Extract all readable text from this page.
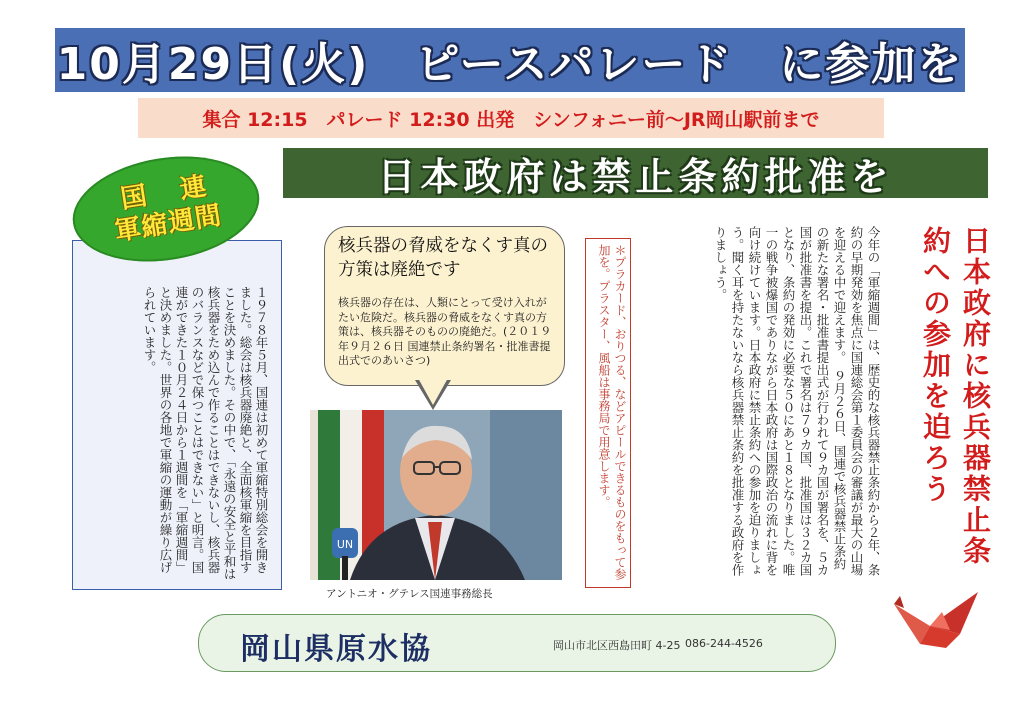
10月29日(火)　ピースパレード　に参加を
集合 12:15　パレード 12:30 出発　シンフォニー前～JR岡山駅前まで
日本政府は禁止条約批准を
１９７８年５月、国連は初めて軍縮特別総会を開きました。総会は核兵器廃絶と、全面核軍縮を目指すことを決めました。その中で、「永遠の安全と平和は核兵器をため込んで作ることはできないし、核兵器のバランスなどで保つことはできない」と明言。国連ができた１０月２４日から１週間を「軍縮週間」と決めました。世界の各地で軍縮の運動が繰り広げられています。
国連
軍縮週間	核兵器の脅威をなくす真の方策は廃絶です
核兵器の存在は、人類にとって受け入れがたい危険だ。核兵器の脅威をなくす真の方策は、核兵器そのものの廃絶だ。(２０１９年９月２６日 国連禁止条約署名・批准書提出式でのあいさつ)
UN
アントニオ・グテレス国連事務総長
＊プラカード、おりつる、などアピールできるものをもって参加を。プラスター、風船は事務局で用意します。	今年の「軍縮週間」は、歴史的な核兵器禁止条約から２年、条約の早期発効を焦点に国連総会第１委員会の審議が最大の山場を迎える中で迎えます。　９月２６日、国連で核兵器禁止条約の新たな署名・批准書提出式が行われて９カ国が署名を、５カ国が批准書を提出。これで署名は７９カ国、批准国は３２カ国となり、条約の発効に必要な５０にあと１８となりました。唯一の戦争被爆国でありながら日本政府は国際政治の流れに背を向け続けています。日本政府に禁止条約への参加を迫りましょう。聞く耳を持たないなら核兵器禁止条約を批准する政府を作りましょう。	日本政府に核兵器禁止条約への参加を迫ろう
岡山県原水協	岡山市北区西島田町 4-25 086-244-4526
